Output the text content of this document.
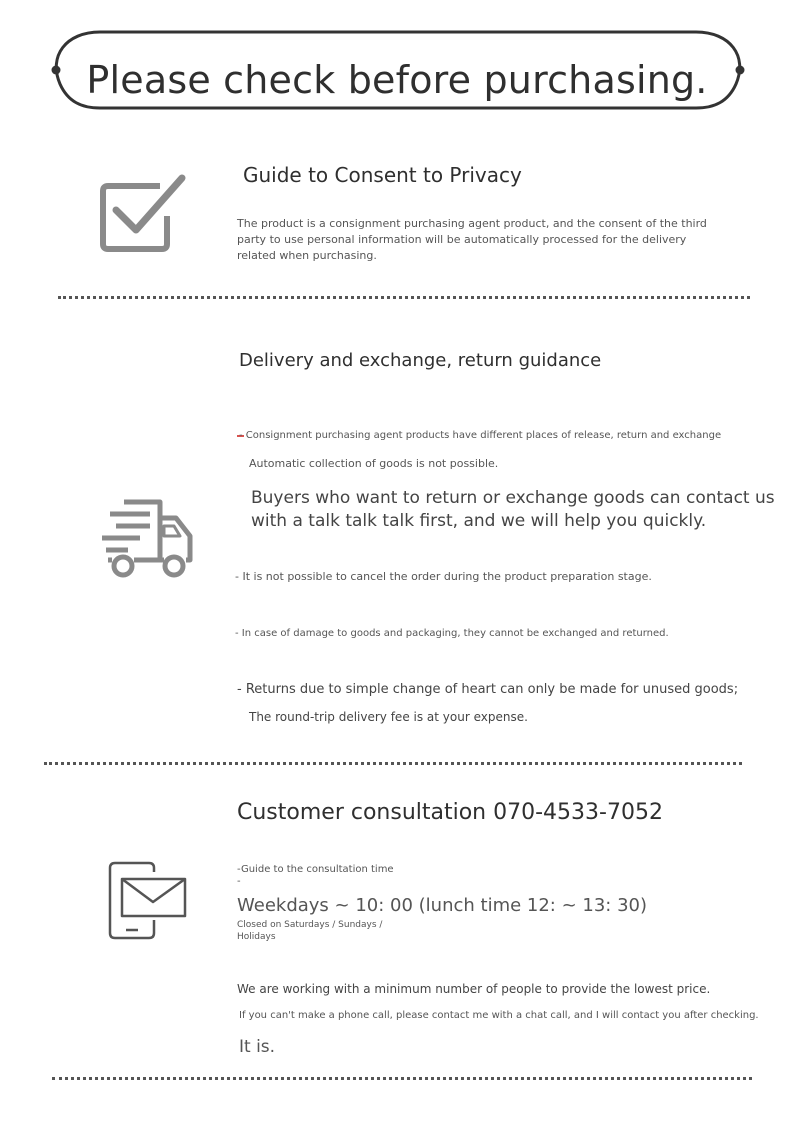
Please check before purchasing.
Guide to Consent to Privacy
The product is a consignment purchasing agent product, and the consent of the third
party to use personal information will be automatically processed for the delivery
related when purchasing.
Delivery and exchange, return guidance
- Consignment purchasing agent products have different places of release, return and exchange
Automatic collection of goods is not possible.
Buyers who want to return or exchange goods can contact us
with a talk talk talk first, and we will help you quickly.
- It is not possible to cancel the order during the product preparation stage.
- In case of damage to goods and packaging, they cannot be exchanged and returned.
- Returns due to simple change of heart can only be made for unused goods;
The round-trip delivery fee is at your expense.
Customer consultation 070-4533-7052
-Guide to the consultation time
-
Weekdays ~ 10: 00 (lunch time 12: ~ 13: 30)
Closed on Saturdays / Sundays /
Holidays
We are working with a minimum number of people to provide the lowest price.
If you can't make a phone call, please contact me with a chat call, and I will contact you after checking.
It is.
